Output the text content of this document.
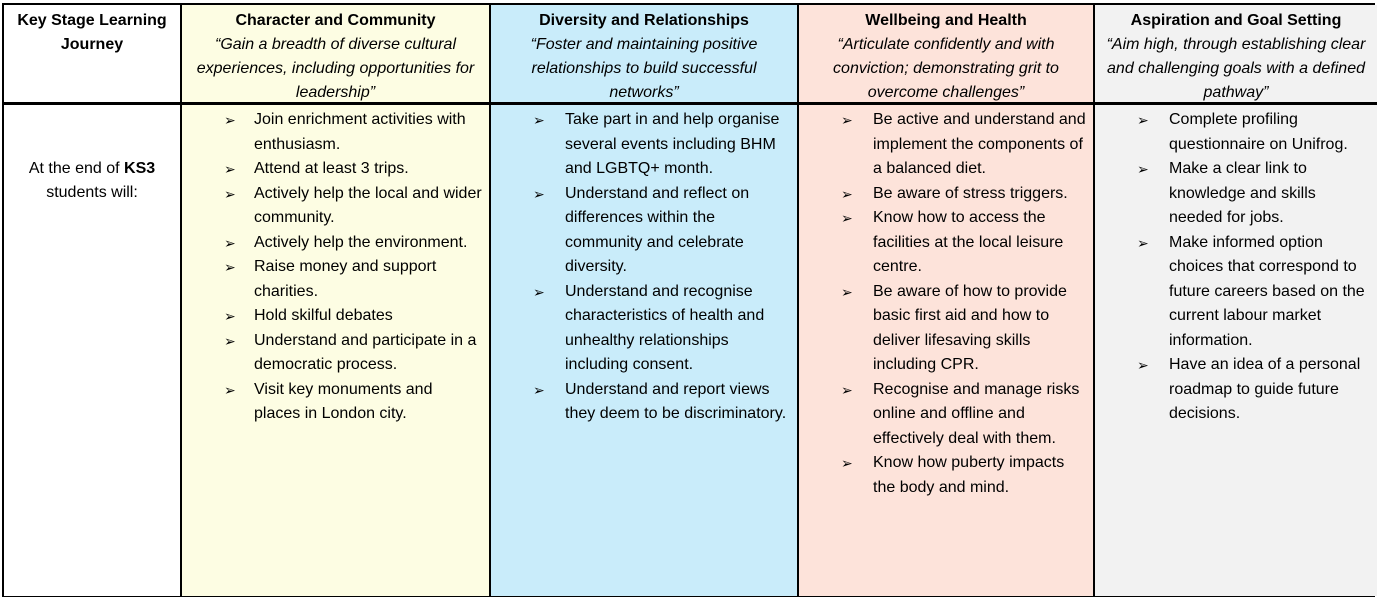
Key Stage Learning Journey
Character and Community
“Gain a breadth of diverse cultural experiences, including opportunities for leadership”
Diversity and Relationships
“Foster and maintaining positive relationships to build successful networks”
Wellbeing and Health
“Articulate confidently and with conviction; demonstrating grit to overcome challenges”
Aspiration and Goal Setting
“Aim high, through establishing clear and challenging goals with a defined pathway”
At the end of KS3
students will:
➢ Join enrichment activities with enthusiasm.
➢ Attend at least 3 trips.
➢ Actively help the local and wider community.
➢ Actively help the environment.
➢ Raise money and support charities.
➢ Hold skilful debates
➢ Understand and participate in a democratic process.
➢ Visit key monuments and places in London city.
➢ Take part in and help organise several events including BHM and LGBTQ+ month.
➢ Understand and reflect on differences within the community and celebrate diversity.
➢ Understand and recognise characteristics of health and unhealthy relationships including consent.
➢ Understand and report views they deem to be discriminatory.
➢ Be active and understand and implement the components of a balanced diet.
➢ Be aware of stress triggers.
➢ Know how to access the facilities at the local leisure centre.
➢ Be aware of how to provide basic first aid and how to deliver lifesaving skills including CPR.
➢ Recognise and manage risks online and offline and effectively deal with them.
➢ Know how puberty impacts the body and mind.
➢ Complete profiling questionnaire on Unifrog.
➢ Make a clear link to knowledge and skills needed for jobs.
➢ Make informed option choices that correspond to future careers based on the current labour market information.
➢ Have an idea of a personal roadmap to guide future decisions.
